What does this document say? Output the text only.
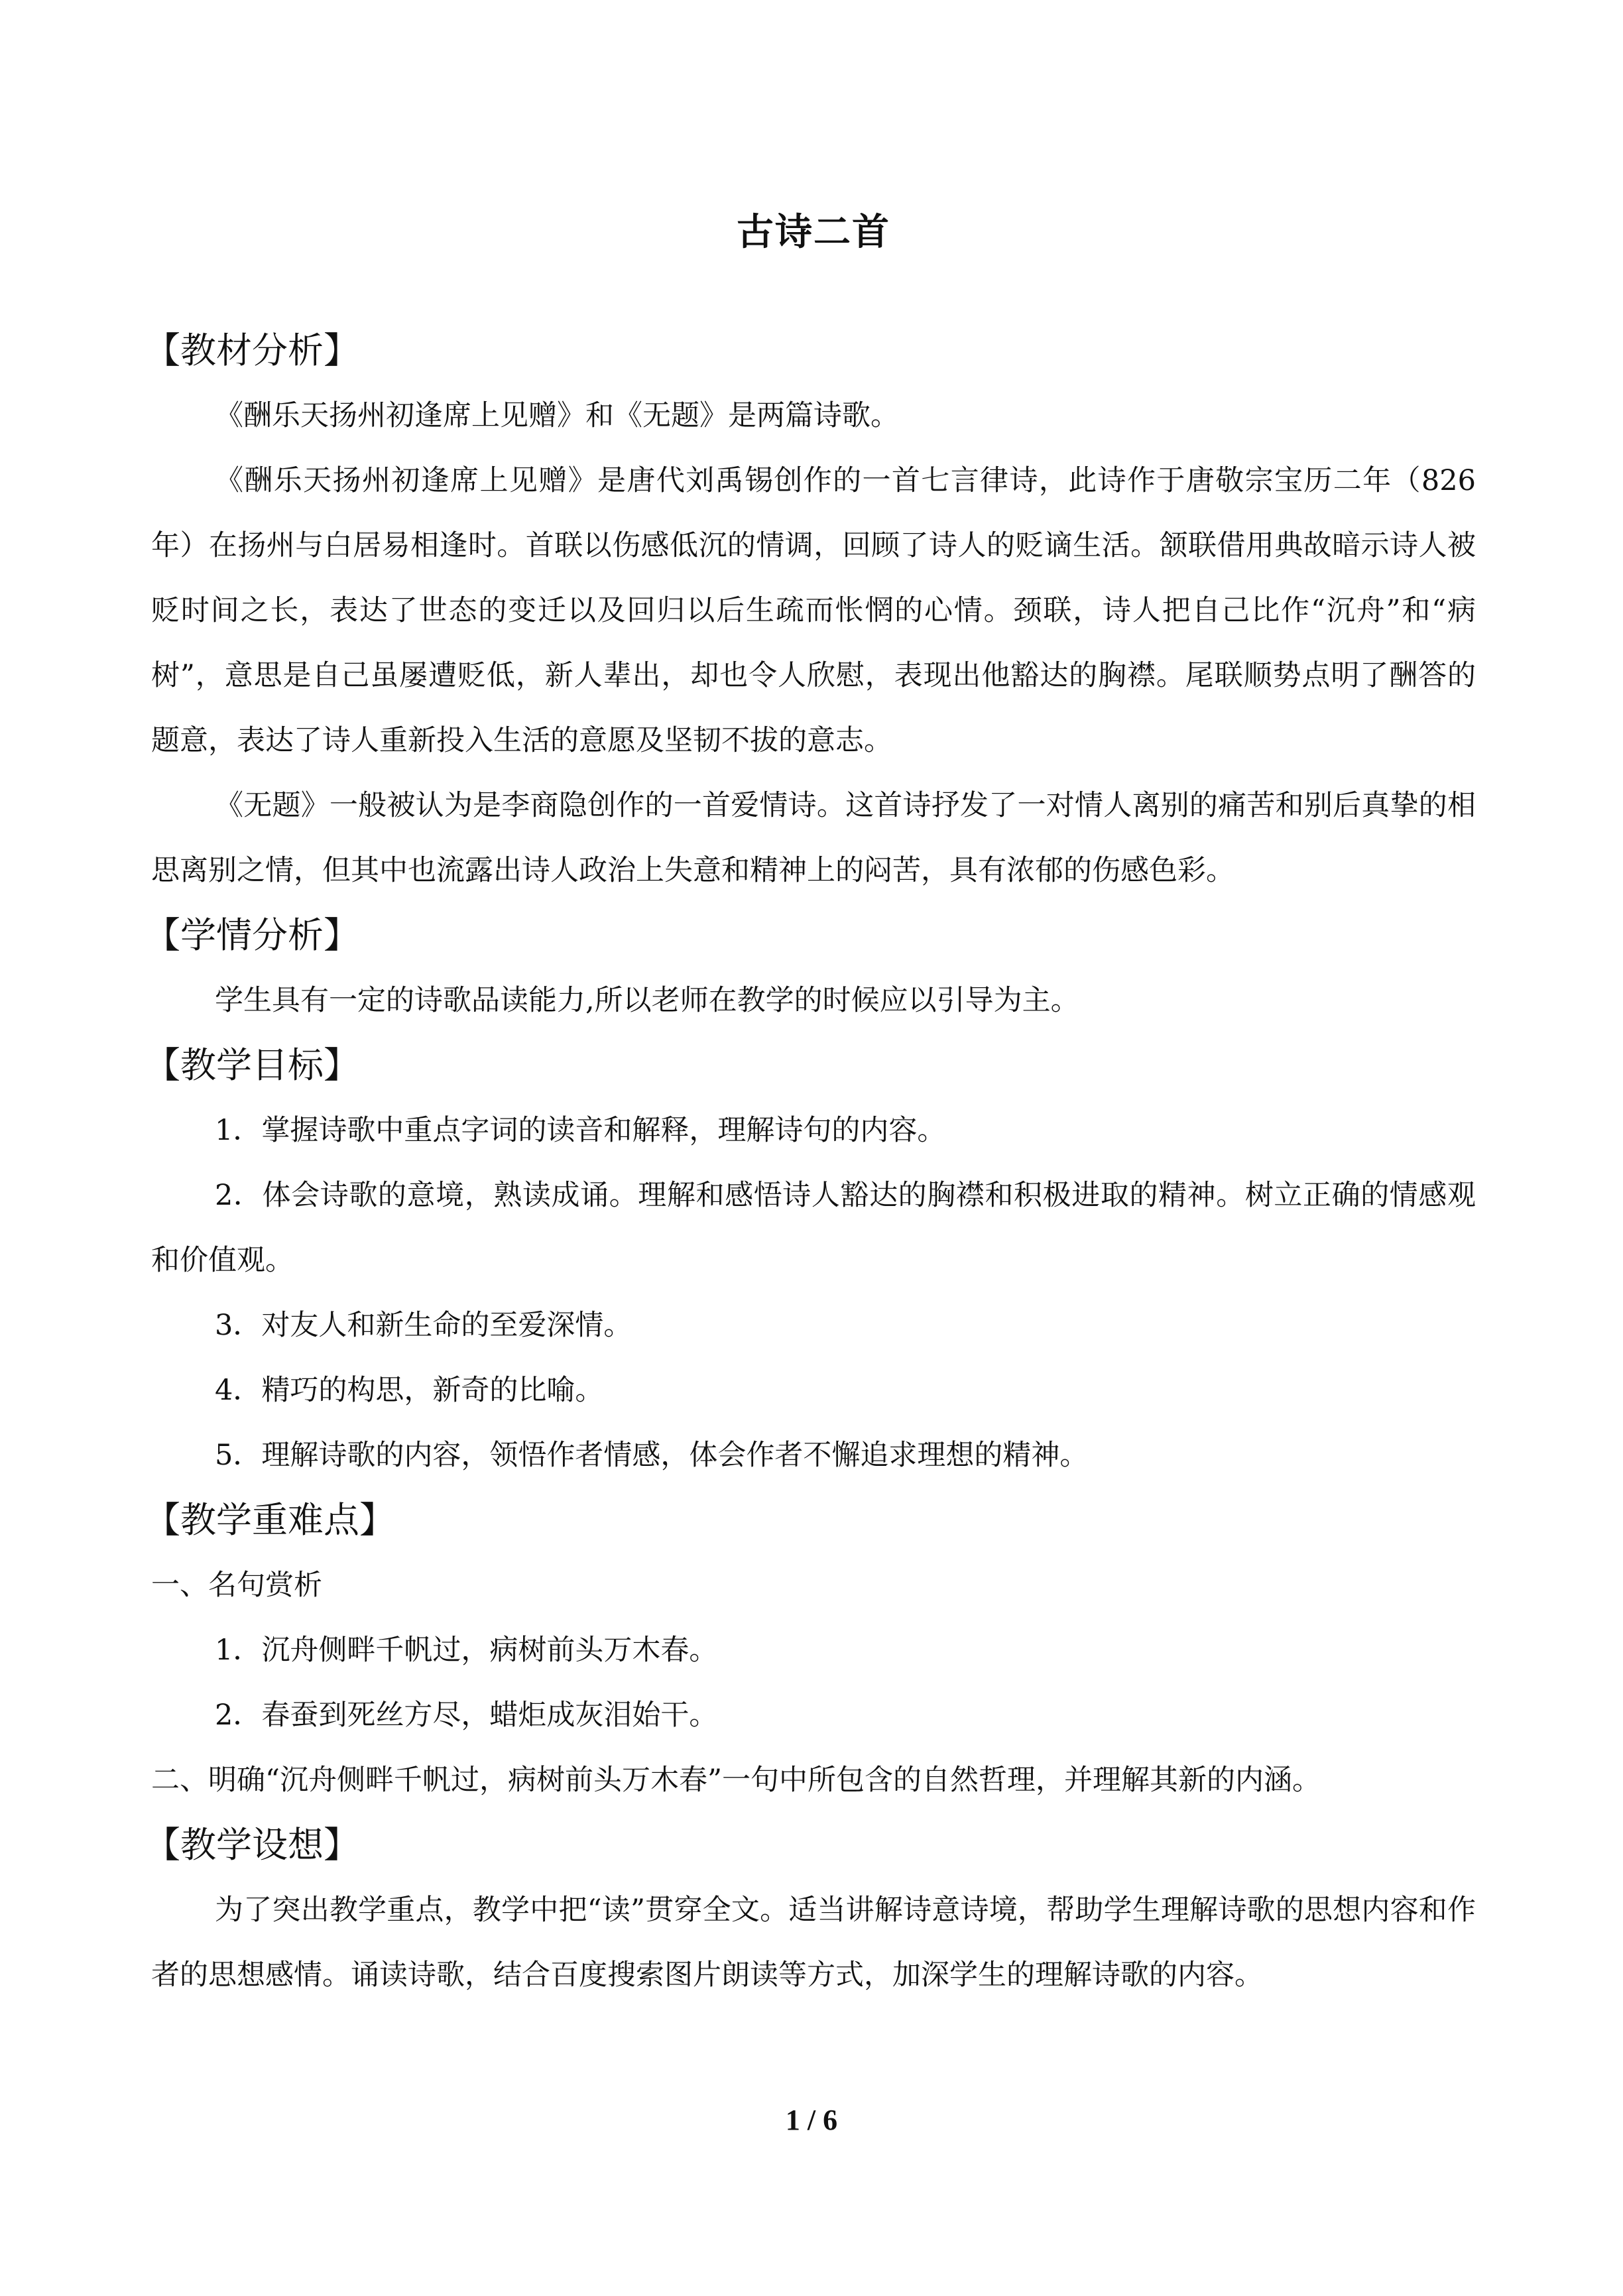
古诗二首
【教材分析】

《酬乐天扬州初逢席上见赠》和《无题》是两篇诗歌。

《酬乐天扬州初逢席上见赠》是唐代刘禹锡创作的一首七言律诗，此诗作于唐敬宗宝历二年（826年）在扬州与白居易相逢时。首联以伤感低沉的情调，回顾了诗人的贬谪生活。颔联借用典故暗示诗人被贬时间之长，表达了世态的变迁以及回归以后生疏而怅惘的心情。颈联，诗人把自己比作“沉舟”和“病树”，意思是自己虽屡遭贬低，新人辈出，却也令人欣慰，表现出他豁达的胸襟。尾联顺势点明了酬答的题意，表达了诗人重新投入生活的意愿及坚韧不拔的意志。

《无题》一般被认为是李商隐创作的一首爱情诗。这首诗抒发了一对情人离别的痛苦和别后真挚的相思离别之情，但其中也流露出诗人政治上失意和精神上的闷苦，具有浓郁的伤感色彩。

【学情分析】

学生具有一定的诗歌品读能力,所以老师在教学的时候应以引导为主。

【教学目标】

1．掌握诗歌中重点字词的读音和解释，理解诗句的内容。

2．体会诗歌的意境，熟读成诵。理解和感悟诗人豁达的胸襟和积极进取的精神。树立正确的情感观和价值观。

3．对友人和新生命的至爱深情。

4．精巧的构思，新奇的比喻。

5．理解诗歌的内容，领悟作者情感，体会作者不懈追求理想的精神。

【教学重难点】

一、名句赏析

1．沉舟侧畔千帆过，病树前头万木春。

2．春蚕到死丝方尽，蜡炬成灰泪始干。

二、明确“沉舟侧畔千帆过，病树前头万木春”一句中所包含的自然哲理，并理解其新的内涵。

【教学设想】

为了突出教学重点，教学中把“读”贯穿全文。适当讲解诗意诗境，帮助学生理解诗歌的思想内容和作者的思想感情。诵读诗歌，结合百度搜索图片朗读等方式，加深学生的理解诗歌的内容。

1 / 6
